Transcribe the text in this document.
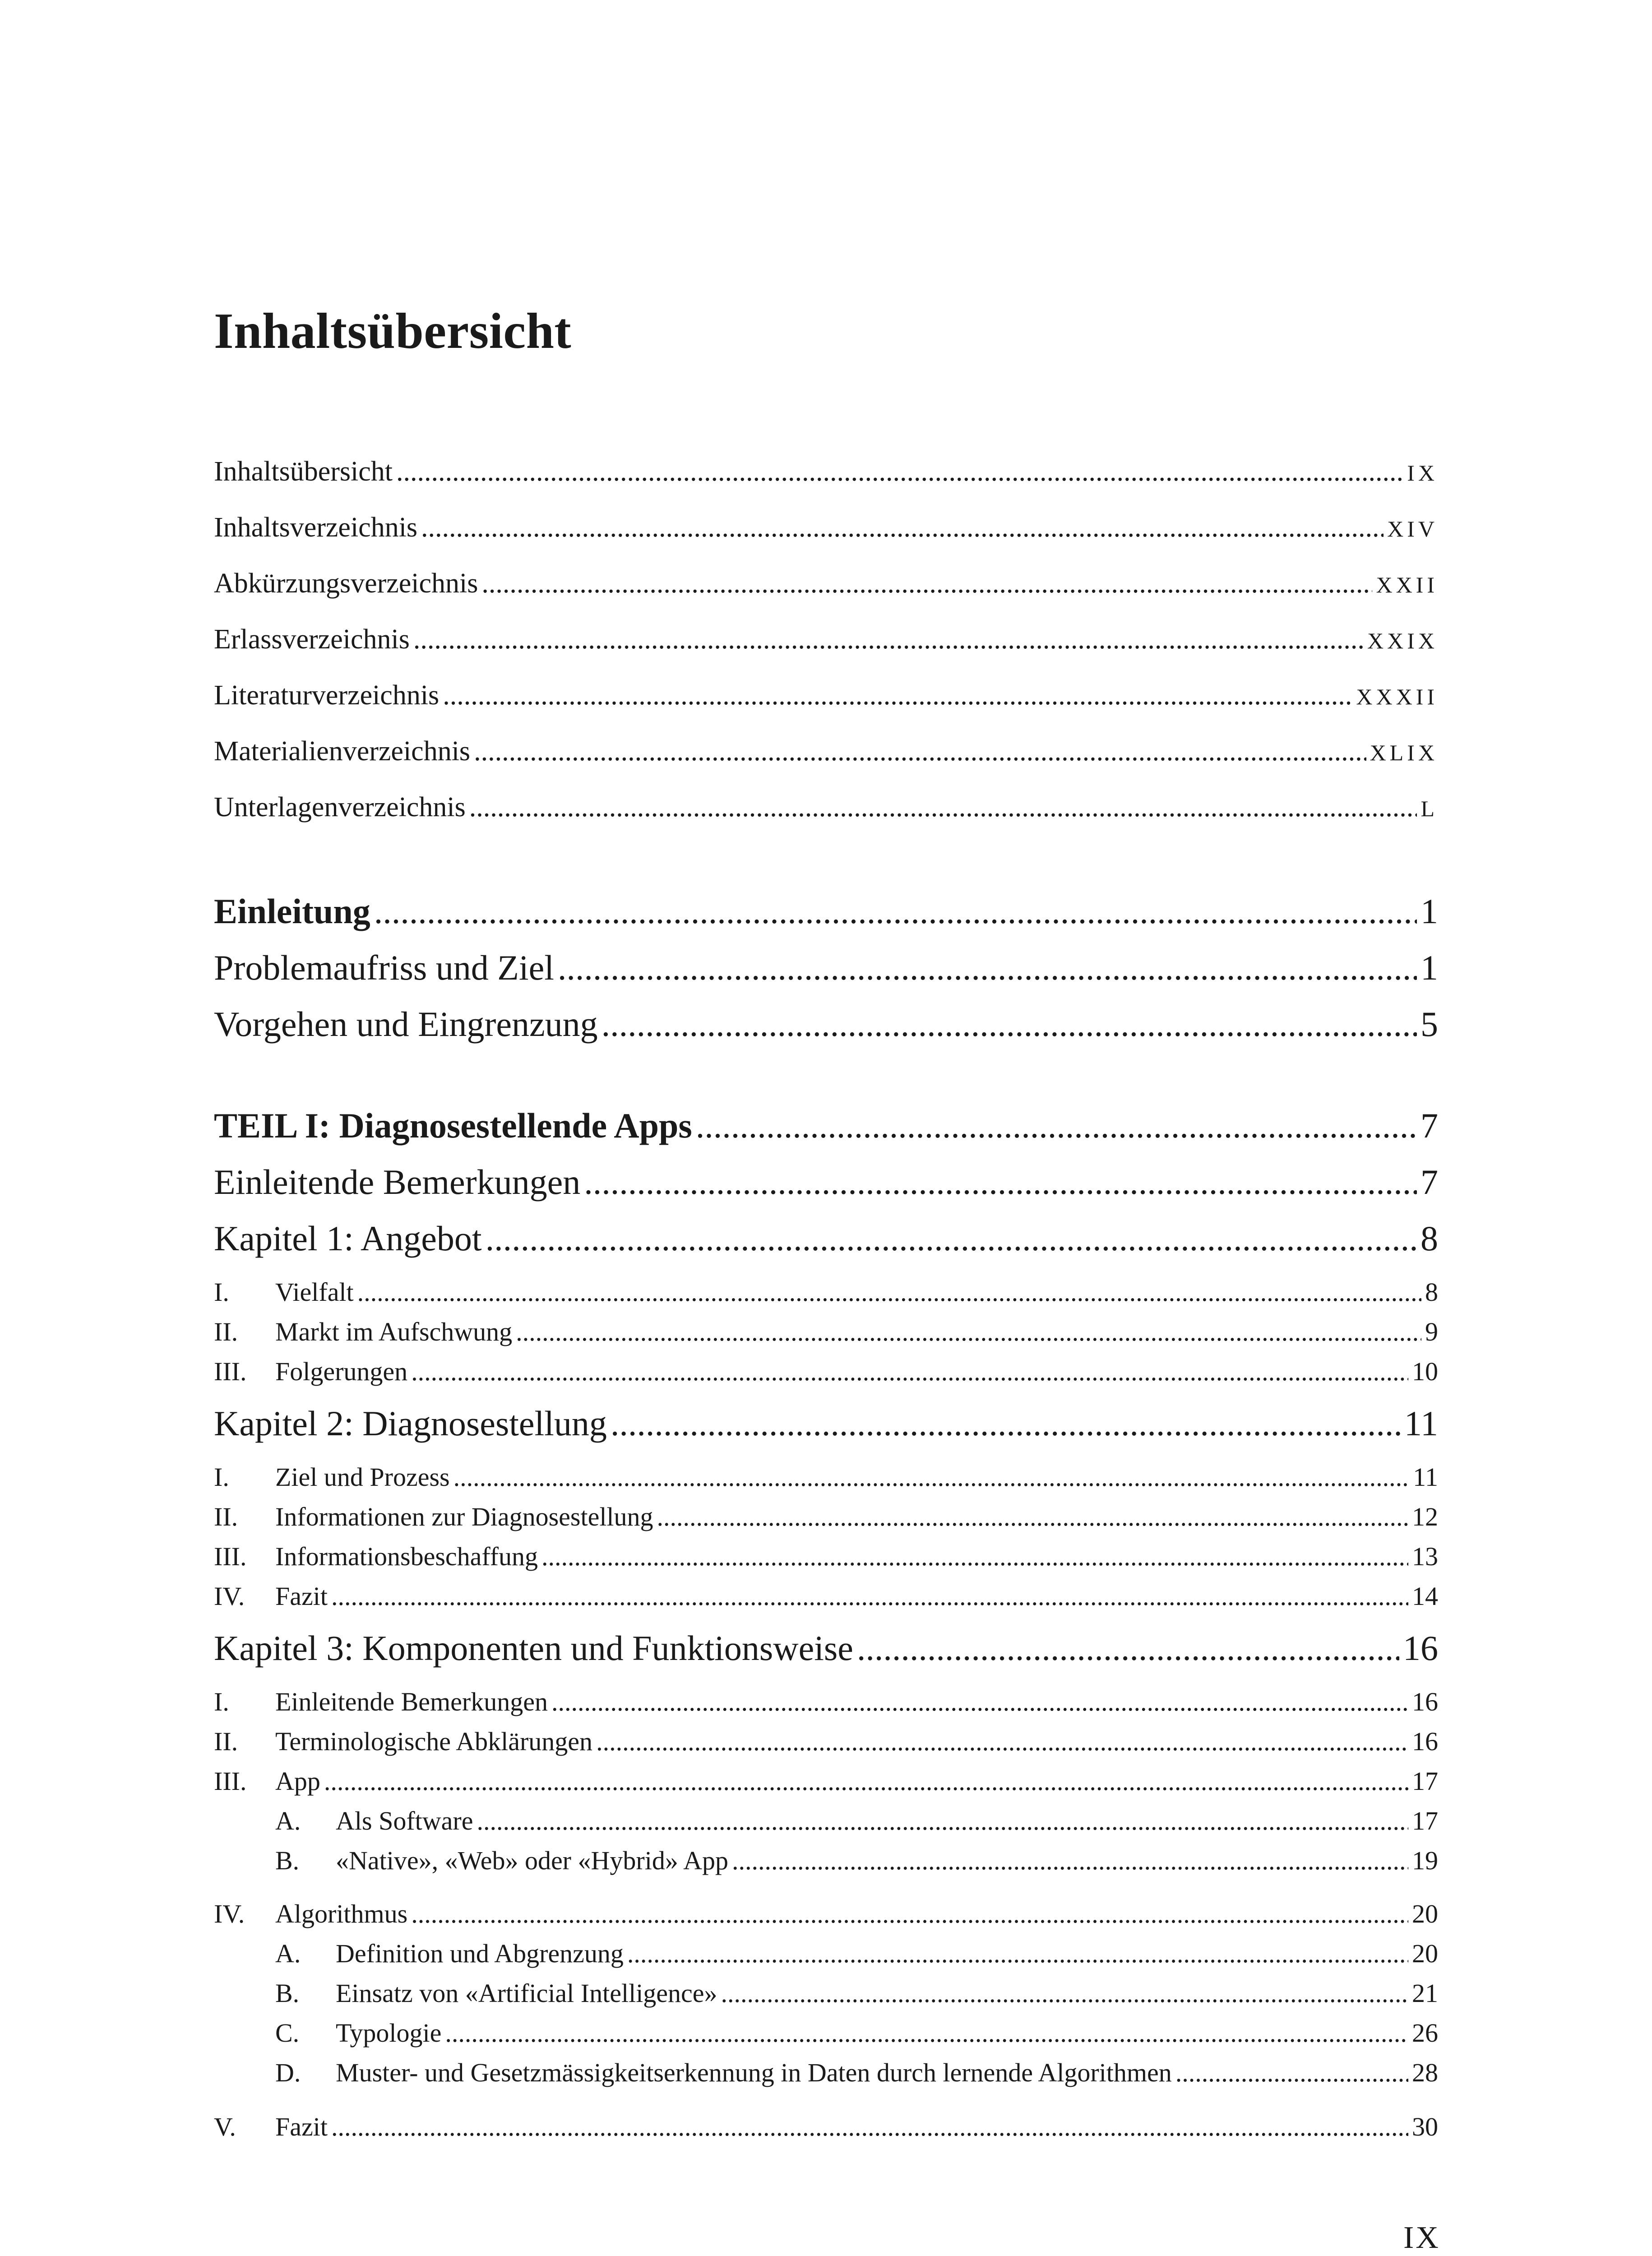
Inhaltsübersicht
Inhaltsübersicht .....	IX
Inhaltsverzeichnis .....	XIV
Abkürzungsverzeichnis .....	XXII
Erlassverzeichnis .....	XXIX
Literaturverzeichnis .....	XXXII
Materialienverzeichnis .....	XLIX
Unterlagenverzeichnis .....	L
Einleitung .....	1
Problemaufriss und Ziel .....	1
Vorgehen und Eingrenzung .....	5
TEIL I: Diagnosestellende Apps .....	7
Einleitende Bemerkungen .....	7
Kapitel 1: Angebot .....	8
I.	Vielfalt .....	8
II.	Markt im Aufschwung .....	9
III.	Folgerungen .....	10
Kapitel 2: Diagnosestellung .....	11
I.	Ziel und Prozess .....	11
II.	Informationen zur Diagnosestellung .....	12
III.	Informationsbeschaffung .....	13
IV.	Fazit .....	14
Kapitel 3: Komponenten und Funktionsweise .....	16
I.	Einleitende Bemerkungen .....	16
II.	Terminologische Abklärungen .....	16
III.	App .....	17
A.	Als Software .....	17
B.	«Native», «Web» oder «Hybrid» App .....	19
IV.	Algorithmus .....	20
A.	Definition und Abgrenzung .....	20
B.	Einsatz von «Artificial Intelligence» .....	21
C.	Typologie .....	26
D.	Muster- und Gesetzmässigkeitserkennung in Daten durch lernende Algorithmen .....	28
V.	Fazit .....	30
IX
